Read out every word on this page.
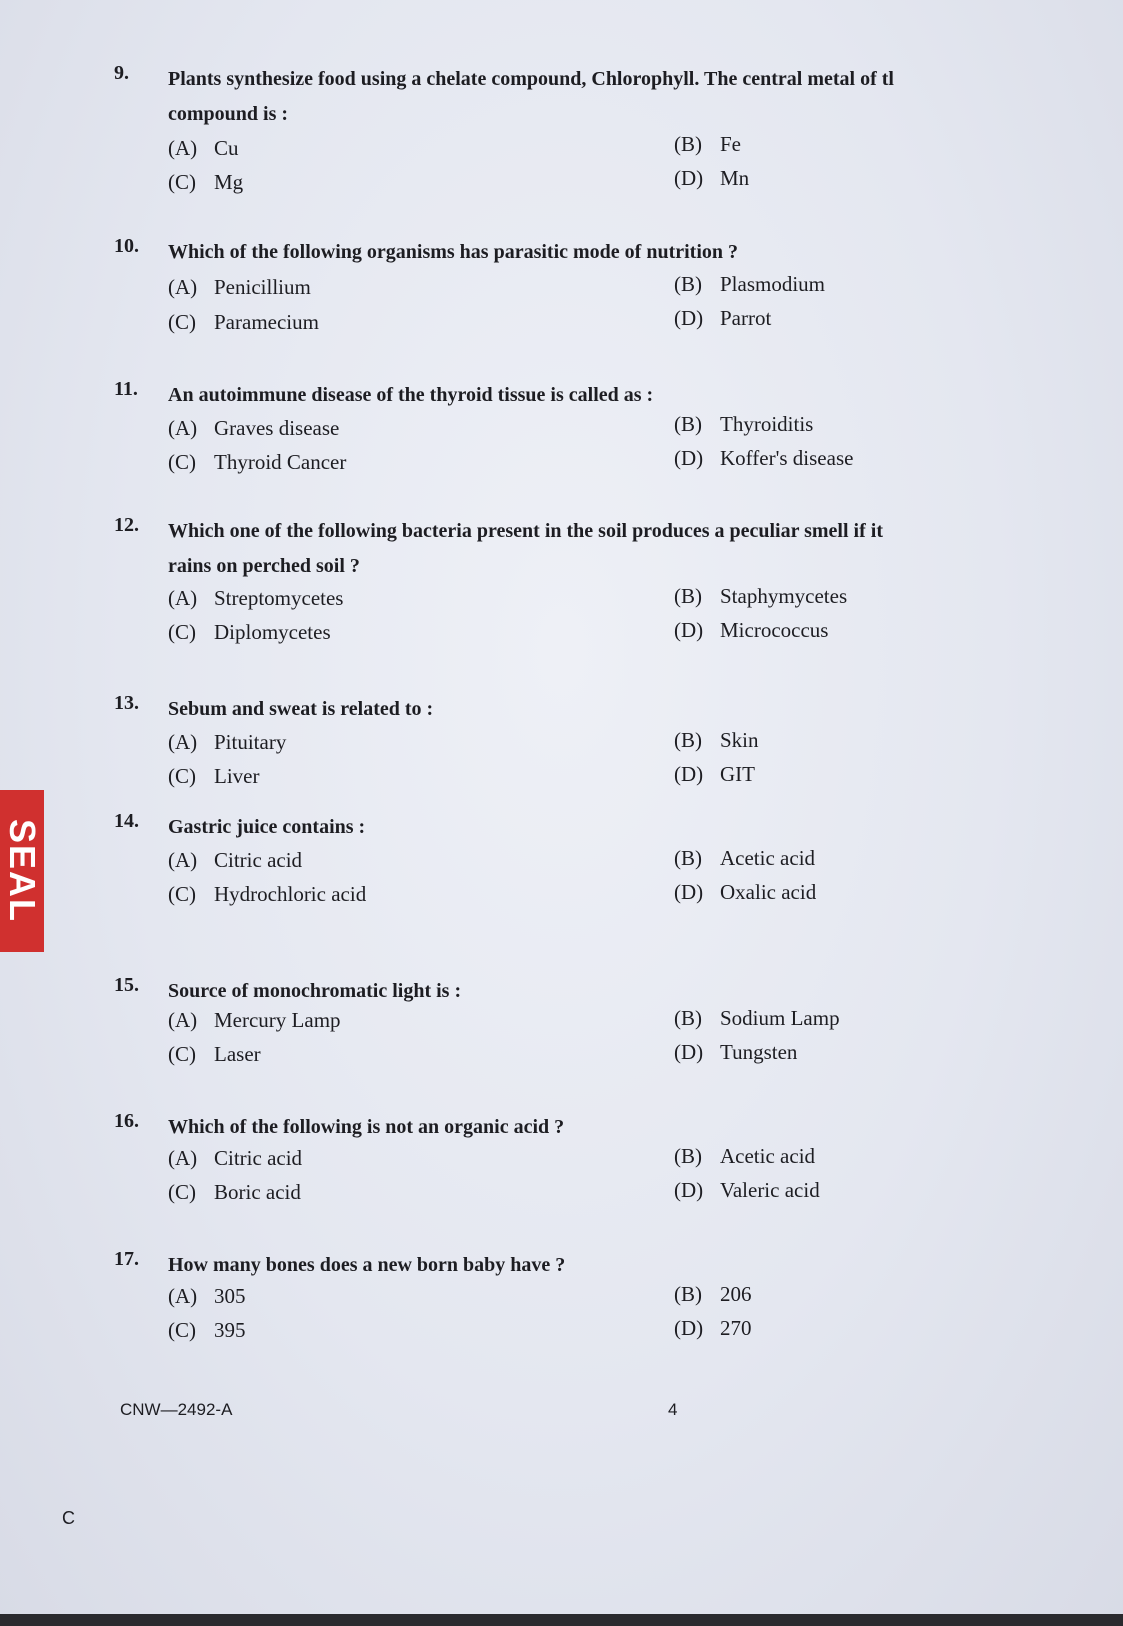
9. Plants synthesize food using a chelate compound, Chlorophyll. The central metal of tl
compound is :
(A) Cu	(B) Fe
(C) Mg	(D) Mn
10. Which of the following organisms has parasitic mode of nutrition ?
(A) Penicillium	(B) Plasmodium
(C) Paramecium	(D) Parrot
11. An autoimmune disease of the thyroid tissue is called as :
(A) Graves disease	(B) Thyroiditis
(C) Thyroid Cancer	(D) Koffer's disease
12. Which one of the following bacteria present in the soil produces a peculiar smell if it
rains on perched soil ?
(A) Streptomycetes	(B) Staphymycetes
(C) Diplomycetes	(D) Micrococcus
13. Sebum and sweat is related to :
(A) Pituitary	(B) Skin
(C) Liver	(D) GIT
14. Gastric juice contains :
(A) Citric acid	(B) Acetic acid
(C) Hydrochloric acid	(D) Oxalic acid
15. Source of monochromatic light is :
(A) Mercury Lamp	(B) Sodium Lamp
(C) Laser	(D) Tungsten
16. Which of the following is not an organic acid ?
(A) Citric acid	(B) Acetic acid
(C) Boric acid	(D) Valeric acid
17. How many bones does a new born baby have ?
(A) 305	(B) 206
(C) 395	(D) 270
CNW—2492-A	4
C
SEAL
